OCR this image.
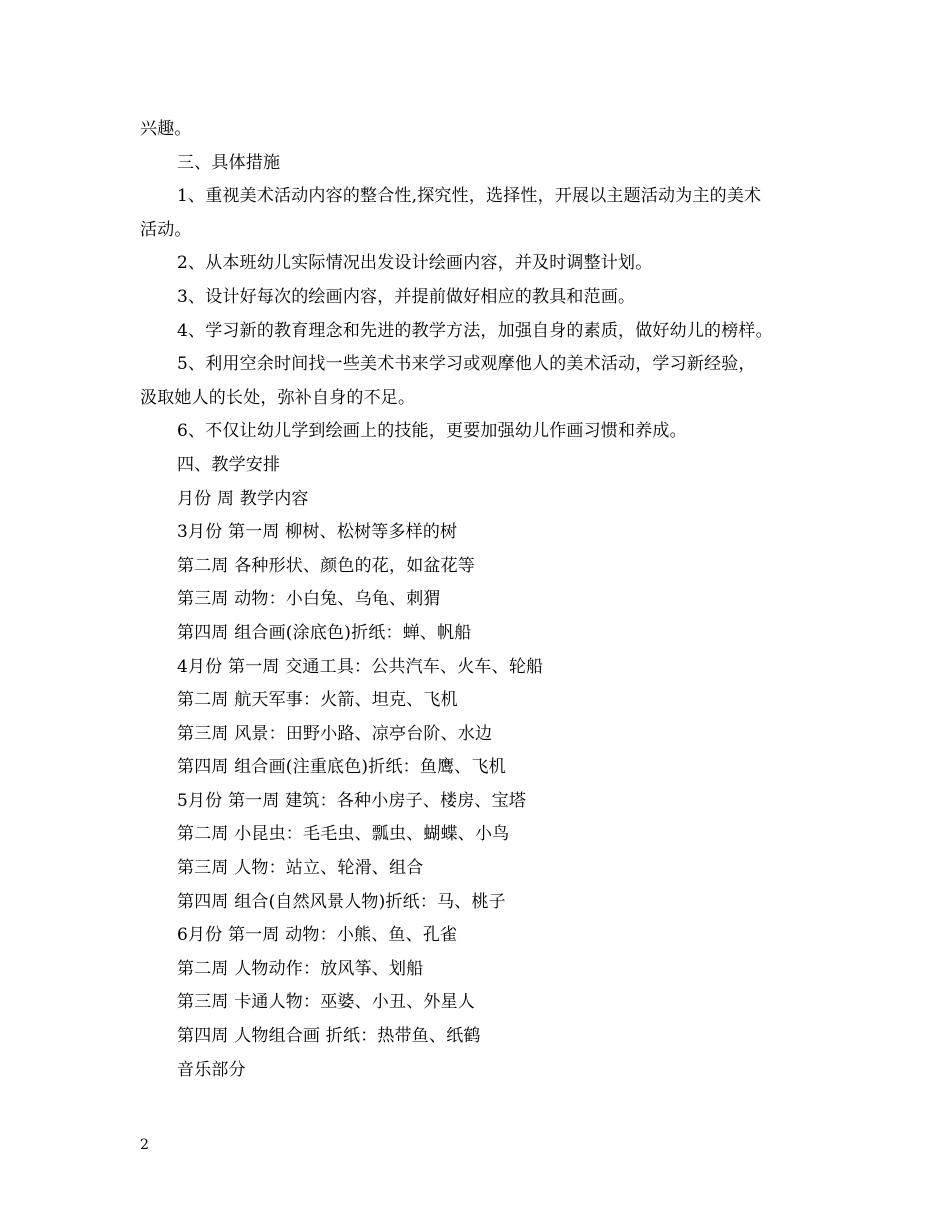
兴趣。
三、具体措施
1、重视美术活动内容的整合性,探究性，选择性，开展以主题活动为主的美术
活动。
2、从本班幼儿实际情况出发设计绘画内容，并及时调整计划。
3、设计好每次的绘画内容，并提前做好相应的教具和范画。
4、学习新的教育理念和先进的教学方法，加强自身的素质，做好幼儿的榜样。
5、利用空余时间找一些美术书来学习或观摩他人的美术活动，学习新经验，
汲取她人的长处，弥补自身的不足。
6、不仅让幼儿学到绘画上的技能，更要加强幼儿作画习惯和养成。
四、教学安排
月份 周 教学内容
3月份 第一周 柳树、松树等多样的树
第二周 各种形状、颜色的花，如盆花等
第三周 动物：小白兔、乌龟、刺猬
第四周 组合画(涂底色)折纸：蝉、帆船
4月份 第一周 交通工具：公共汽车、火车、轮船
第二周 航天军事：火箭、坦克、飞机
第三周 风景：田野小路、凉亭台阶、水边
第四周 组合画(注重底色)折纸：鱼鹰、飞机
5月份 第一周 建筑：各种小房子、楼房、宝塔
第二周 小昆虫：毛毛虫、瓢虫、蝴蝶、小鸟
第三周 人物：站立、轮滑、组合
第四周 组合(自然风景人物)折纸：马、桃子
6月份 第一周 动物：小熊、鱼、孔雀
第二周 人物动作：放风筝、划船
第三周 卡通人物：巫婆、小丑、外星人
第四周 人物组合画 折纸：热带鱼、纸鹤
音乐部分
2
